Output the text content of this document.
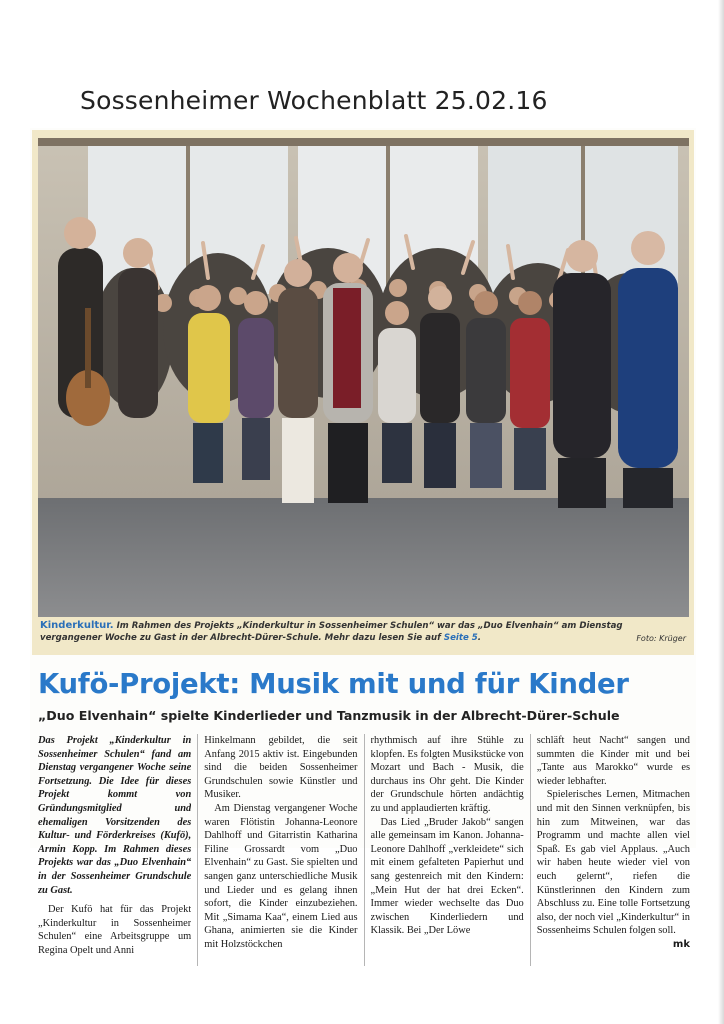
Sossenheimer Wochenblatt 25.02.16
Kinderkultur. Im Rahmen des Projekts „Kinderkultur in Sossenheimer Schulen“ war das „Duo Elvenhain“ am Dienstag vergangener Woche zu Gast in der Albrecht-Dürer-Schule. Mehr dazu lesen Sie auf Seite 5.	Foto: Krüger
Kufö-Projekt: Musik mit und für Kinder
„Duo Elvenhain“ spielte Kinderlieder und Tanzmusik in der Albrecht-Dürer-Schule

Das Projekt „Kinderkultur in Sossenheimer Schulen“ fand am Dienstag vergangener Woche seine Fortsetzung. Die Idee für dieses Projekt kommt von Gründungsmitglied und ehemaligen Vorsitzenden des Kultur- und Förderkreises (Kufö), Armin Kopp. Im Rahmen dieses Projekts war das „Duo Elvenhain“ in der Sossenheimer Grundschule zu Gast.

Der Kufö hat für das Projekt „Kinderkultur in Sossenheimer Schulen“ eine Arbeitsgruppe um Regina Opelt und Anni

Hinkelmann gebildet, die seit Anfang 2015 aktiv ist. Eingebunden sind die beiden Sossenheimer Grundschulen sowie Künstler und Musiker.

Am Dienstag vergangener Woche waren Flötistin Johanna-Leonore Dahlhoff und Gitarristin Katharina Filine Grossardt vom „Duo Elvenhain“ zu Gast. Sie spielten und sangen ganz unterschiedliche Musik und Lieder und es gelang ihnen sofort, die Kinder einzubeziehen. Mit „Simama Kaa“, einem Lied aus Ghana, animierten sie die Kinder mit Holzstöckchen

rhythmisch auf ihre Stühle zu klopfen. Es folgten Musikstücke von Mozart und Bach - Musik, die durchaus ins Ohr geht. Die Kinder der Grundschule hörten andächtig zu und applaudierten kräftig.

Das Lied „Bruder Jakob“ sangen alle gemeinsam im Kanon. Johanna-Leonore Dahlhoff „verkleidete“ sich mit einem gefalteten Papierhut und sang gestenreich mit den Kindern: „Mein Hut der hat drei Ecken“. Immer wieder wechselte das Duo zwischen Kinderliedern und Klassik. Bei „Der Löwe

schläft heut Nacht“ sangen und summten die Kinder mit und bei „Tante aus Marokko“ wurde es wieder lebhafter.

Spielerisches Lernen, Mitmachen und mit den Sinnen verknüpfen, bis hin zum Mitweinen, war das Programm und machte allen viel Spaß. Es gab viel Applaus. „Auch wir haben heute wieder viel von euch gelernt“, riefen die Künstlerinnen den Kindern zum Abschluss zu. Eine tolle Fortsetzung also, der noch viel „Kinderkultur“ in Sossenheims Schulen folgen soll.

mk
